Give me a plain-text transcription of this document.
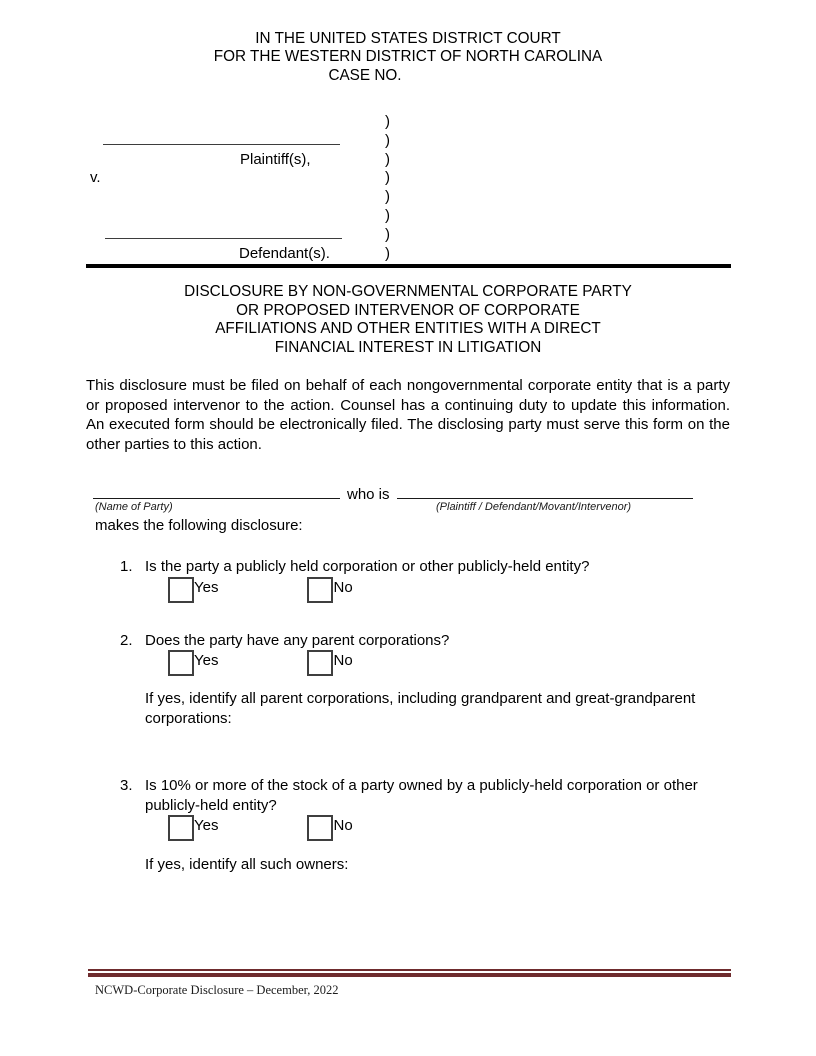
IN THE UNITED STATES DISTRICT COURT
FOR THE WESTERN DISTRICT OF NORTH CAROLINA
CASE NO.
)
)
Plaintiff(s),	)
v.	)
)
)
)
Defendant(s).	)
DISCLOSURE BY NON-GOVERNMENTAL CORPORATE PARTY
OR PROPOSED INTERVENOR OF CORPORATE
AFFILIATIONS AND OTHER ENTITIES WITH A DIRECT
FINANCIAL INTEREST IN LITIGATION
This disclosure must be filed on behalf of each nongovernmental corporate entity that is a party or proposed intervenor to the action. Counsel has a continuing duty to update this information. An executed form should be electronically filed. The disclosing party must serve this form on the other parties to this action.
who is
(Name of Party)	(Plaintiff / Defendant/Movant/Intervenor)
makes the following disclosure:
1. Is the party a publicly held corporation or other publicly-held entity?
Yes	No
2. Does the party have any parent corporations?
Yes	No
If yes, identify all parent corporations, including grandparent and great-grandparent corporations:
3. Is 10% or more of the stock of a party owned by a publicly-held corporation or other publicly-held entity?
Yes	No
If yes, identify all such owners:
NCWD-Corporate Disclosure – December, 2022
